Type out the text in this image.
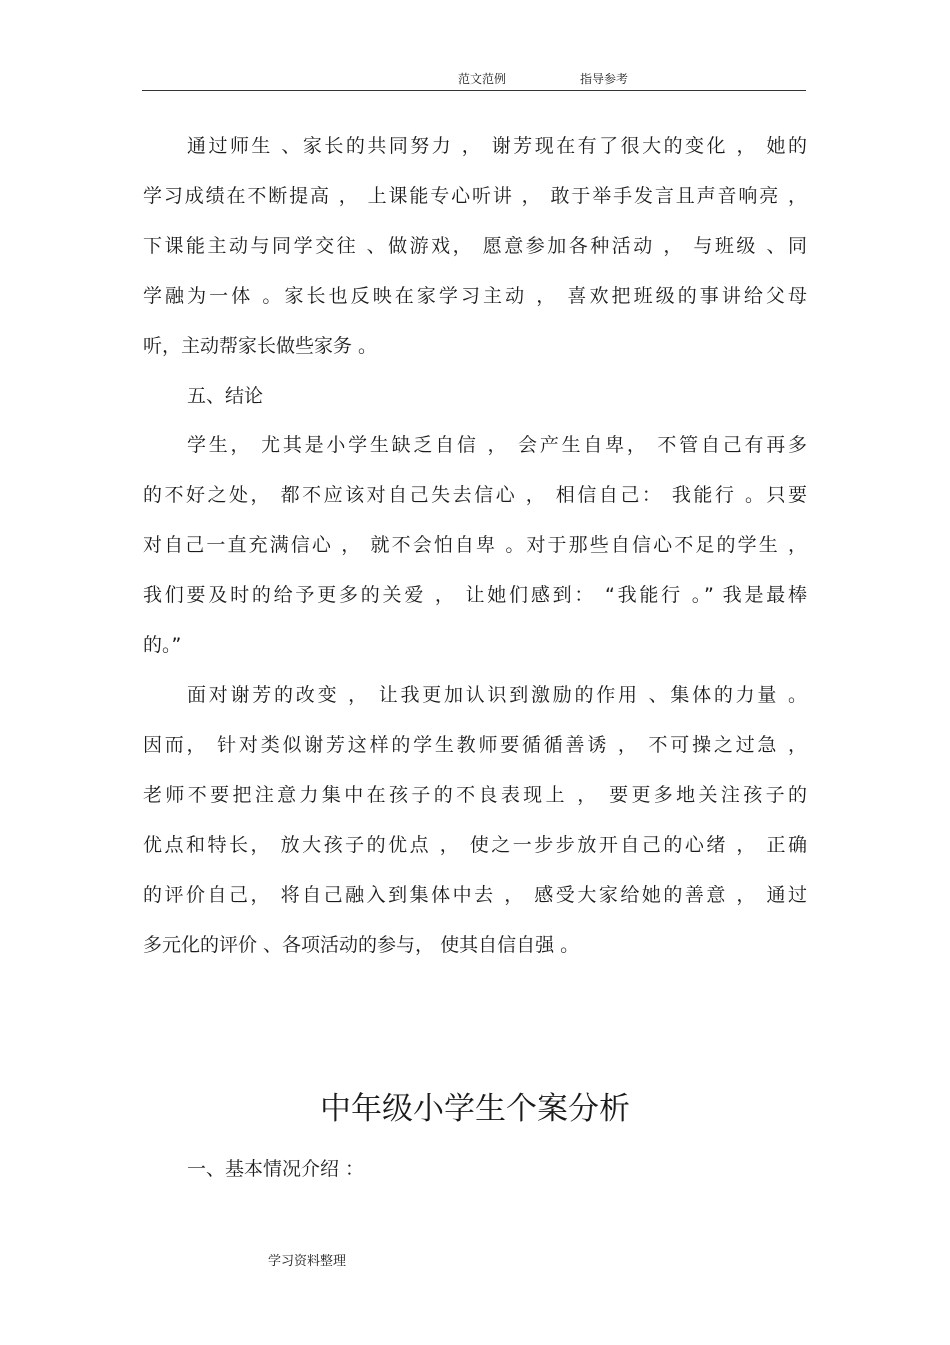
范文范例	指导参考
通过师生 、家长的共同努力 ， 谢芳现在有了很大的变化 ， 她的
学习成绩在不断提高 ， 上课能专心听讲 ， 敢于举手发言且声音响亮 ，
下课能主动与同学交往 、做游戏， 愿意参加各种活动 ， 与班级 、同
学融为一体 。家长也反映在家学习主动 ， 喜欢把班级的事讲给父母
听，主动帮家长做些家务 。
五、结论
学生， 尤其是小学生缺乏自信 ， 会产生自卑， 不管自己有再多
的不好之处， 都不应该对自己失去信心 ， 相信自己： 我能行 。只要
对自己一直充满信心 ， 就不会怕自卑 。对于那些自信心不足的学生 ，
我们要及时的给予更多的关爱 ， 让她们感到： “我能行 。” 我是最棒
的。”
面对谢芳的改变 ， 让我更加认识到激励的作用 、集体的力量 。
因而， 针对类似谢芳这样的学生教师要循循善诱 ， 不可操之过急 ，
老师不要把注意力集中在孩子的不良表现上 ， 要更多地关注孩子的
优点和特长， 放大孩子的优点 ， 使之一步步放开自己的心绪 ， 正确
的评价自己， 将自己融入到集体中去 ， 感受大家给她的善意 ， 通过
多元化的评价 、各项活动的参与， 使其自信自强 。
中年级小学生个案分析
一、基本情况介绍 ：
学习资料整理
